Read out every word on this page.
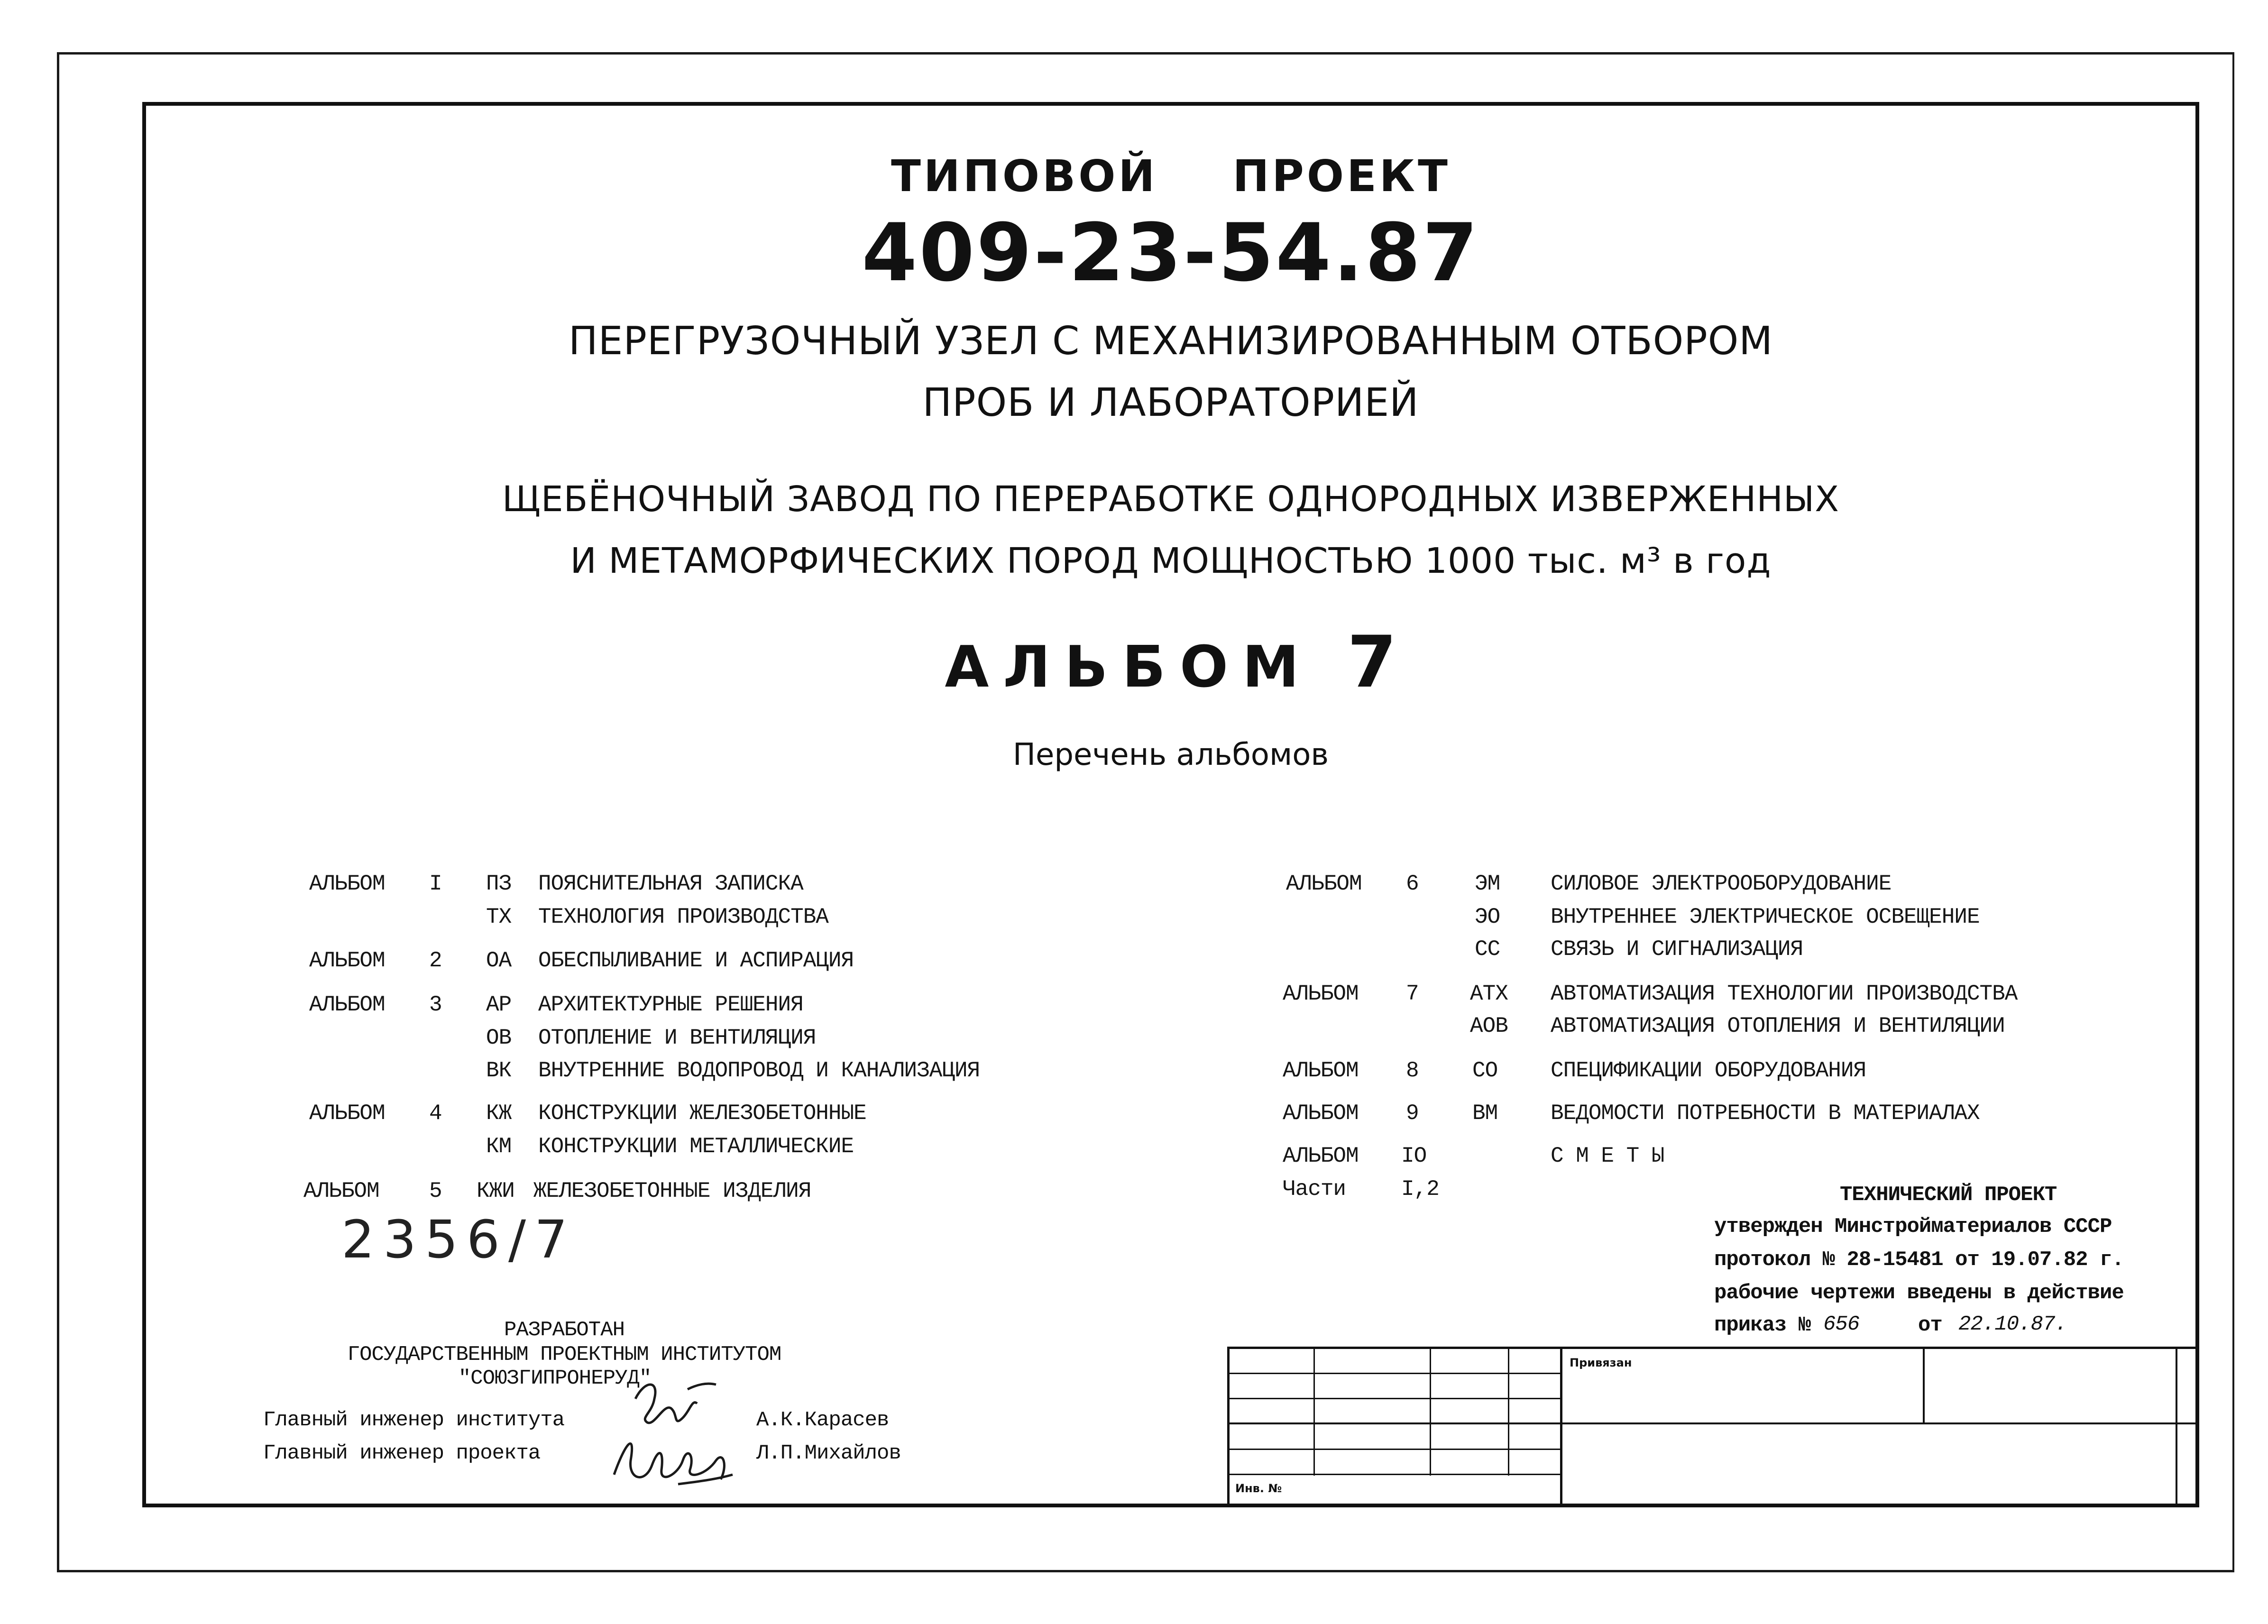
ТИПОВОЙ ПРОЕКТ
409-23-54.87
ПЕРЕГРУЗОЧНЫЙ УЗЕЛ С МЕХАНИЗИРОВАННЫМ ОТБОРОМ
ПРОБ И ЛАБОРАТОРИЕЙ
ЩЕБЁНОЧНЫЙ ЗАВОД ПО ПЕРЕРАБОТКЕ ОДНОРОДНЫХ ИЗВЕРЖЕННЫХ
И МЕТАМОРФИЧЕСКИХ ПОРОД МОЩНОСТЬЮ 1000 тыс. м³ в год
АЛЬБОМ 7
Перечень альбомов
АЛЬБОМ I ПЗ ПОЯСНИТЕЛЬНАЯ ЗАПИСКА
ТХ ТЕХНОЛОГИЯ ПРОИЗВОДСТВА
АЛЬБОМ 2 ОА ОБЕСПЫЛИВАНИЕ И АСПИРАЦИЯ
АЛЬБОМ 3 АР АРХИТЕКТУРНЫЕ РЕШЕНИЯ
ОВ ОТОПЛЕНИЕ И ВЕНТИЛЯЦИЯ
ВК ВНУТРЕННИЕ ВОДОПРОВОД И КАНАЛИЗАЦИЯ
АЛЬБОМ 4 КЖ КОНСТРУКЦИИ ЖЕЛЕЗОБЕТОННЫЕ
КМ КОНСТРУКЦИИ МЕТАЛЛИЧЕСКИЕ
АЛЬБОМ 5 КЖИ ЖЕЛЕЗОБЕТОННЫЕ ИЗДЕЛИЯ
АЛЬБОМ 6	ЭМ СИЛОВОЕ ЭЛЕКТРООБОРУДОВАНИЕ
ЭО ВНУТРЕННЕЕ ЭЛЕКТРИЧЕСКОЕ ОСВЕЩЕНИЕ
СС СВЯЗЬ И СИГНАЛИЗАЦИЯ
АЛЬБОМ 7 АТХ АВТОМАТИЗАЦИЯ ТЕХНОЛОГИИ ПРОИЗВОДСТВА
АОВ АВТОМАТИЗАЦИЯ ОТОПЛЕНИЯ И ВЕНТИЛЯЦИИ
АЛЬБОМ 8 СО СПЕЦИФИКАЦИИ ОБОРУДОВАНИЯ
АЛЬБОМ 9 ВМ ВЕДОМОСТИ ПОТРЕБНОСТИ В МАТЕРИАЛАХ
АЛЬБОМ IO	С М Е Т Ы
Части	I,2
2356/7
РАЗРАБОТАН
ГОСУДАРСТВЕННЫМ ПРОЕКТНЫМ ИНСТИТУТОМ
"СОЮЗГИПРОНЕРУД"
Главный инженер института	А.К.Карасев
Главный инженер проекта	Л.П.Михайлов
ТЕХНИЧЕСКИЙ ПРОЕКТ
утвержден Минстройматериалов СССР
протокол № 28-15481 от 19.07.82 г.
рабочие чертежи введены в действие
приказ № 656	от 22.10.87.
Привязан
Инв. №
